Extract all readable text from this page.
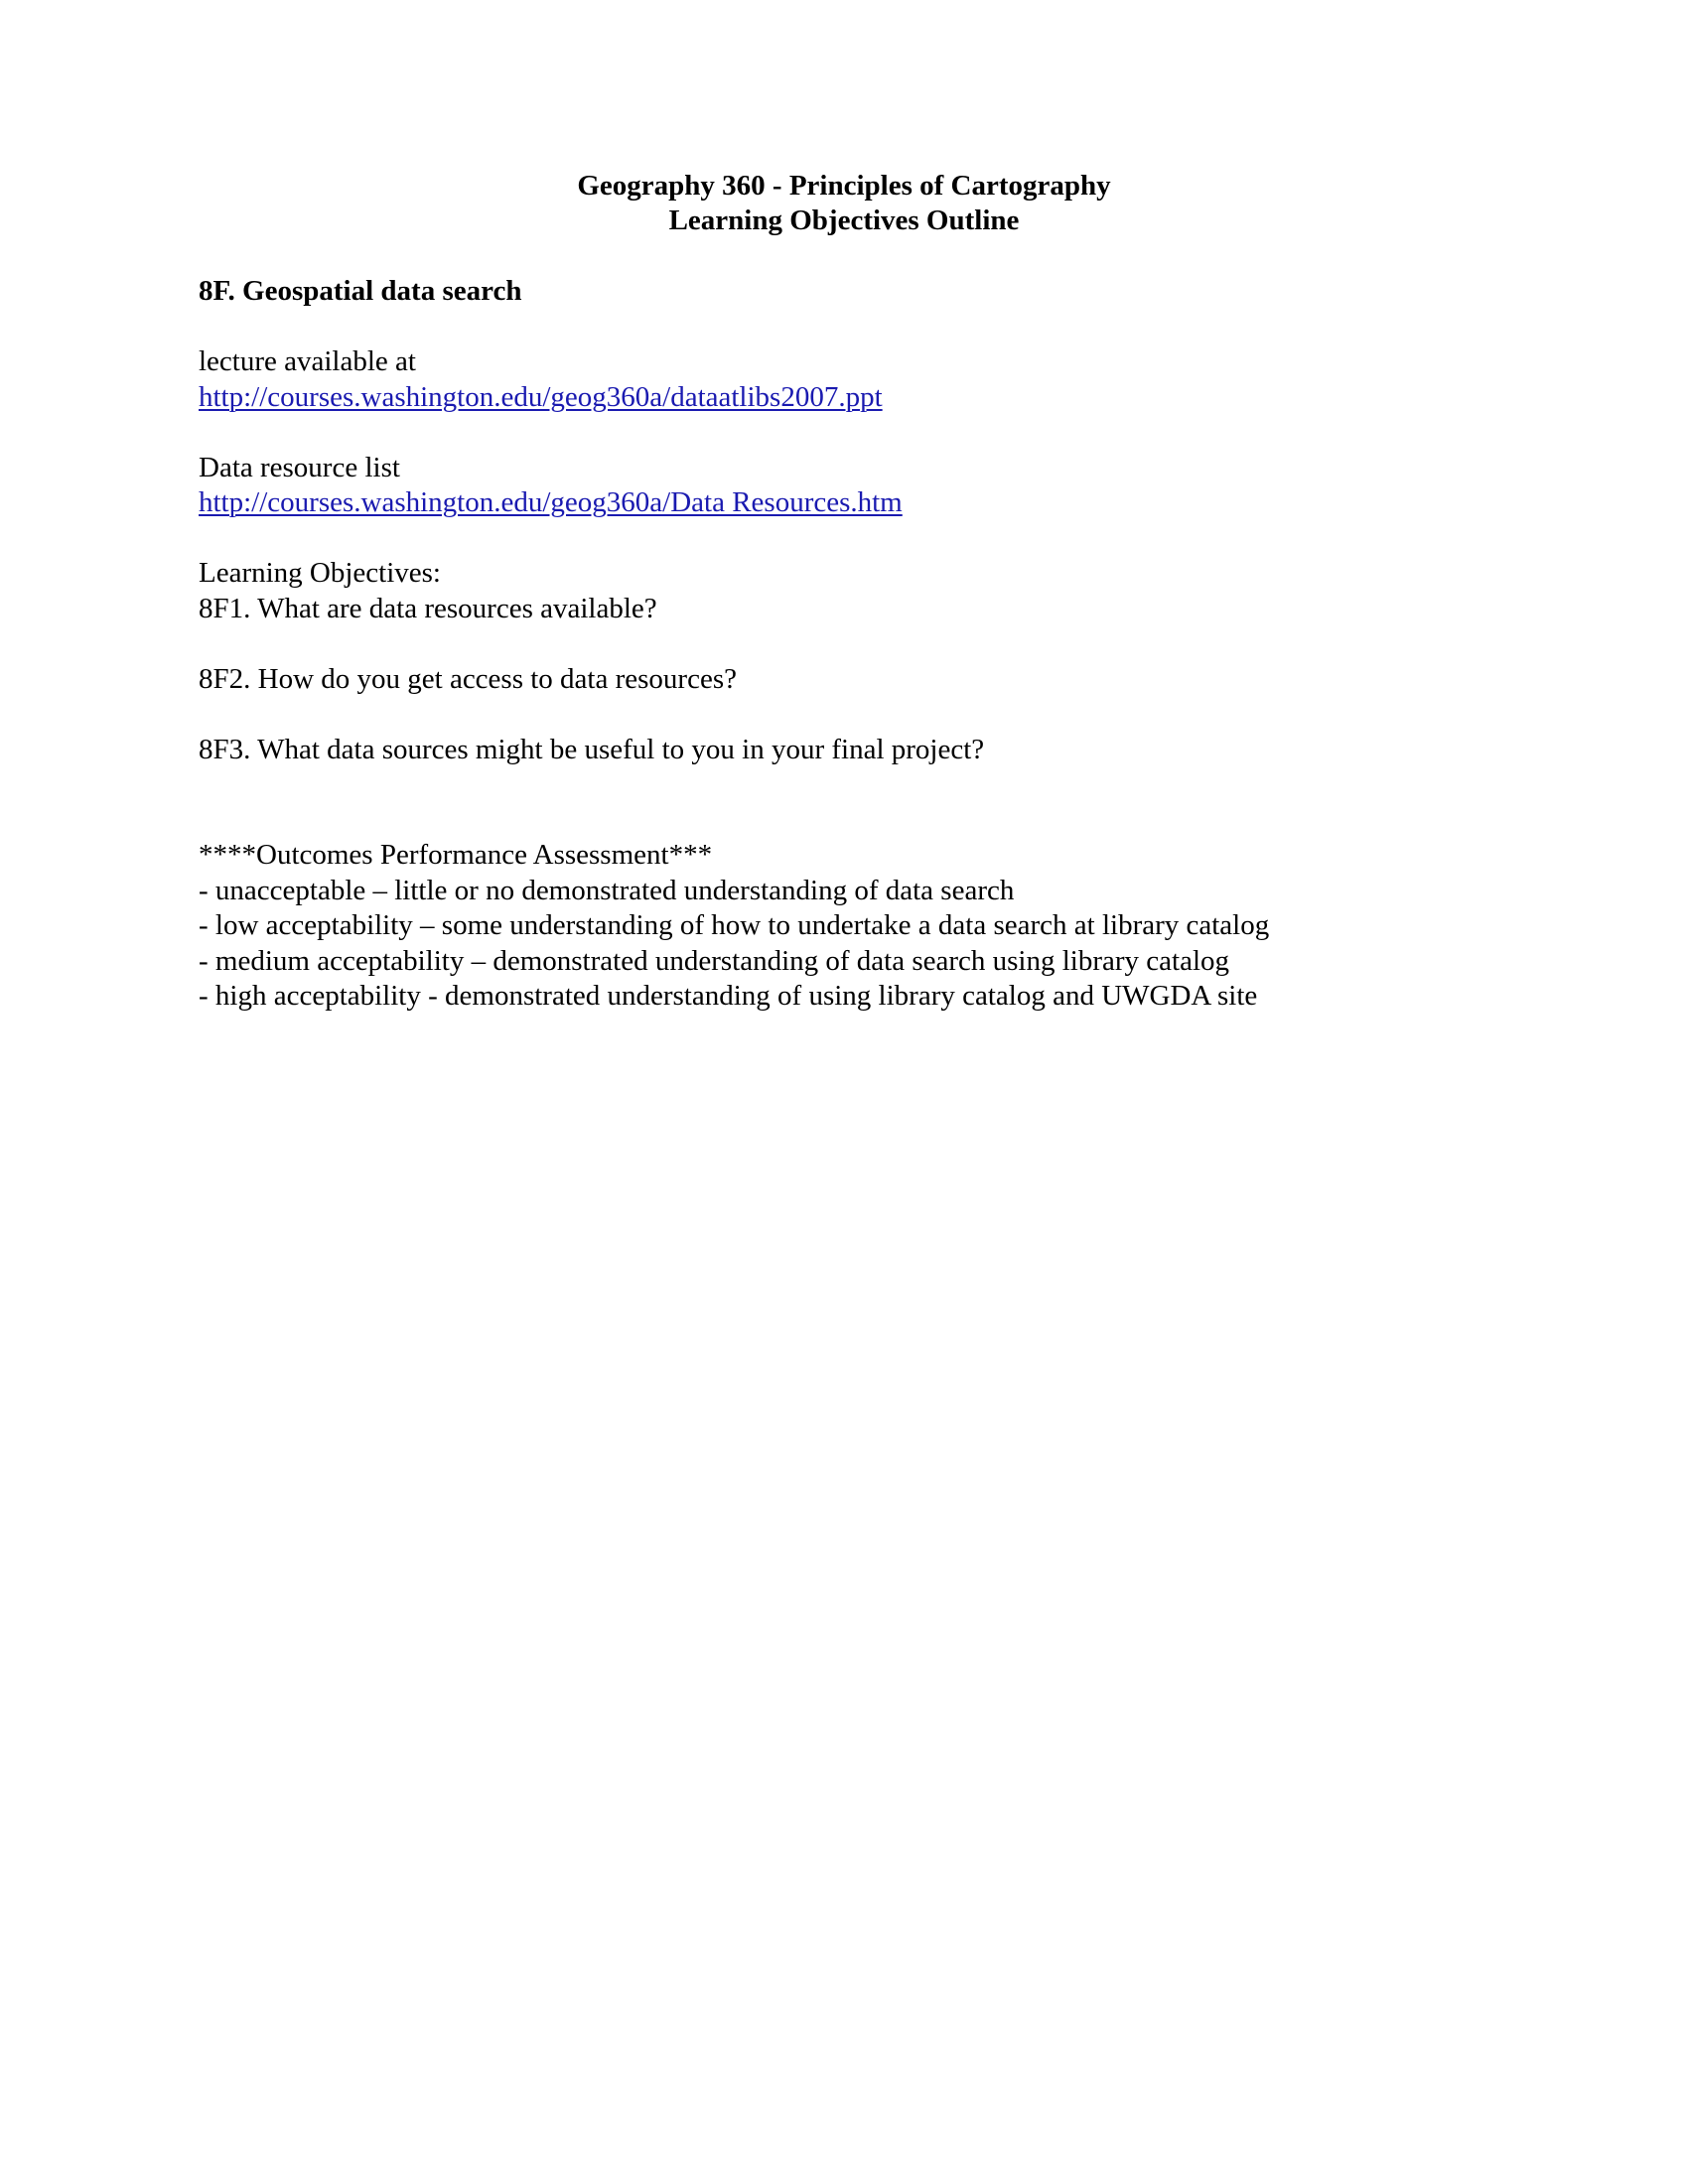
Geography 360 - Principles of Cartography
Learning Objectives Outline
8F. Geospatial data search
lecture available at
http://courses.washington.edu/geog360a/dataatlibs2007.ppt
Data resource list
http://courses.washington.edu/geog360a/Data Resources.htm
Learning Objectives:
8F1. What are data resources available?
8F2. How do you get access to data resources?
8F3. What data sources might be useful to you in your final project?
****Outcomes Performance Assessment***
- unacceptable – little or no demonstrated understanding of data search
- low acceptability – some understanding of how to undertake a data search at library catalog
- medium acceptability – demonstrated understanding of data search using library catalog
- high acceptability - demonstrated understanding of using library catalog and UWGDA site
